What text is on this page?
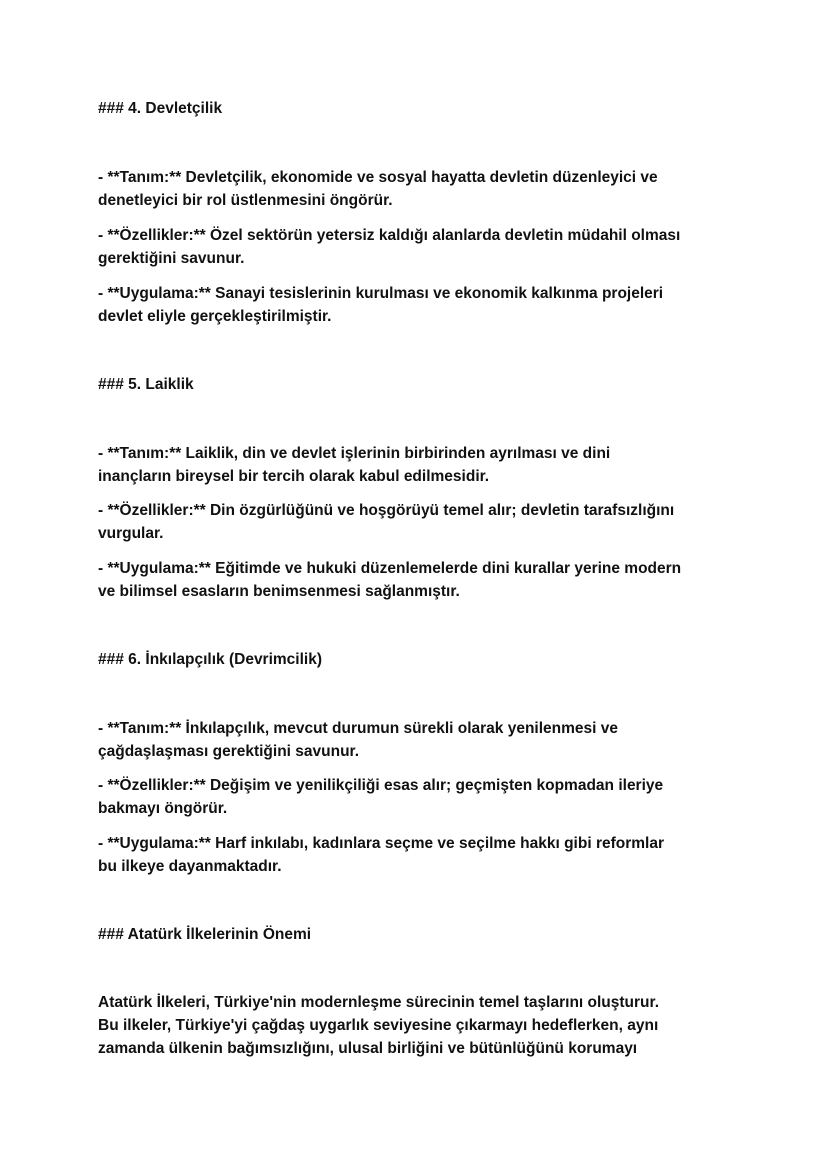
### 4. Devletçilik
- **Tanım:** Devletçilik, ekonomide ve sosyal hayatta devletin düzenleyici ve
denetleyici bir rol üstlenmesini öngörür.
- **Özellikler:** Özel sektörün yetersiz kaldığı alanlarda devletin müdahil olması
gerektiğini savunur.
- **Uygulama:** Sanayi tesislerinin kurulması ve ekonomik kalkınma projeleri
devlet eliyle gerçekleştirilmiştir.
### 5. Laiklik
- **Tanım:** Laiklik, din ve devlet işlerinin birbirinden ayrılması ve dini
inançların bireysel bir tercih olarak kabul edilmesidir.
- **Özellikler:** Din özgürlüğünü ve hoşgörüyü temel alır; devletin tarafsızlığını
vurgular.
- **Uygulama:** Eğitimde ve hukuki düzenlemelerde dini kurallar yerine modern
ve bilimsel esasların benimsenmesi sağlanmıştır.
### 6. İnkılapçılık (Devrimcilik)
- **Tanım:** İnkılapçılık, mevcut durumun sürekli olarak yenilenmesi ve
çağdaşlaşması gerektiğini savunur.
- **Özellikler:** Değişim ve yenilikçiliği esas alır; geçmişten kopmadan ileriye
bakmayı öngörür.
- **Uygulama:** Harf inkılabı, kadınlara seçme ve seçilme hakkı gibi reformlar
bu ilkeye dayanmaktadır.
### Atatürk İlkelerinin Önemi
Atatürk İlkeleri, Türkiye'nin modernleşme sürecinin temel taşlarını oluşturur.
Bu ilkeler, Türkiye'yi çağdaş uygarlık seviyesine çıkarmayı hedeflerken, aynı
zamanda ülkenin bağımsızlığını, ulusal birliğini ve bütünlüğünü korumayı
